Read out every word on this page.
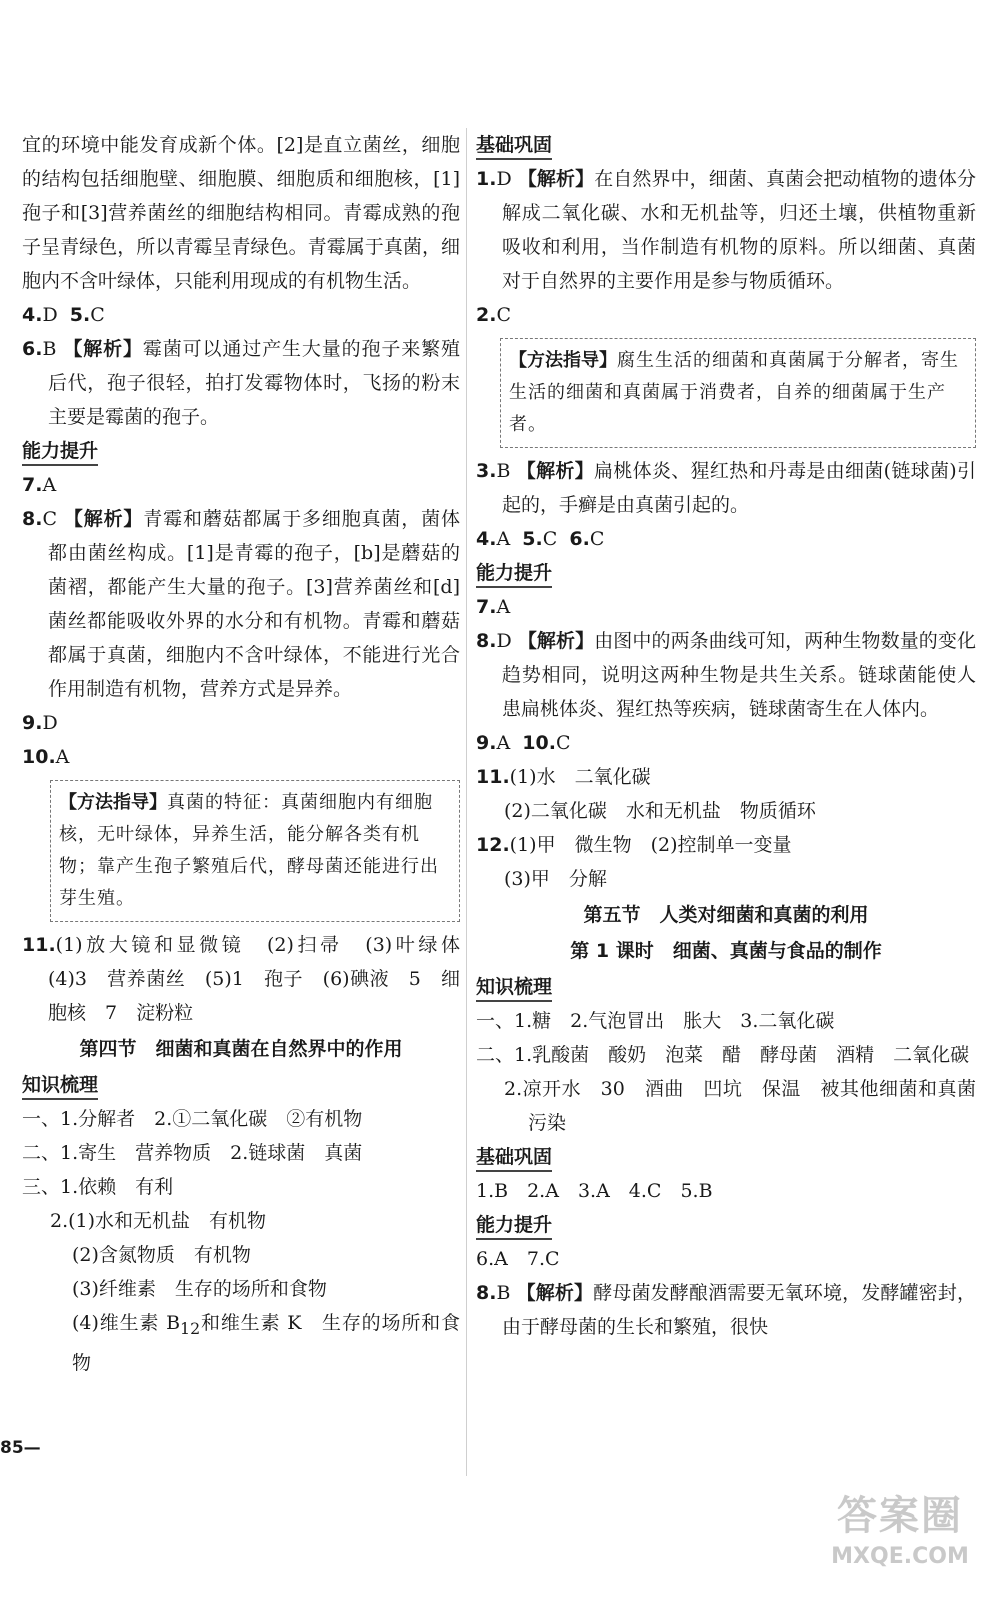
宜的环境中能发育成新个体。[2]是直立菌丝，细胞的结构包括细胞壁、细胞膜、细胞质和细胞核，[1]孢子和[3]营养菌丝的细胞结构相同。青霉成熟的孢子呈青绿色，所以青霉呈青绿色。青霉属于真菌，细胞内不含叶绿体，只能利用现成的有机物生活。

4.D 5.C

6.B 【解析】霉菌可以通过产生大量的孢子来繁殖后代，孢子很轻，拍打发霉物体时，飞扬的粉末主要是霉菌的孢子。

能力提升

7.A

8.C 【解析】青霉和蘑菇都属于多细胞真菌，菌体都由菌丝构成。[1]是青霉的孢子，[b]是蘑菇的菌褶，都能产生大量的孢子。[3]营养菌丝和[d]菌丝都能吸收外界的水分和有机物。青霉和蘑菇都属于真菌，细胞内不含叶绿体，不能进行光合作用制造有机物，营养方式是异养。

9.D

10.A

【方法指导】真菌的特征：真菌细胞内有细胞核，无叶绿体，异养生活，能分解各类有机物；靠产生孢子繁殖后代，酵母菌还能进行出芽生殖。

11.(1)放大镜和显微镜　(2)扫帚　(3)叶绿体　(4)3　营养菌丝　(5)1　孢子　(6)碘液　5　细胞核　7　淀粉粒

第四节　细菌和真菌在自然界中的作用
知识梳理

一、1.分解者　2.①二氧化碳　②有机物

二、1.寄生　营养物质　2.链球菌　真菌

三、1.依赖　有利

2.(1)水和无机盐　有机物

(2)含氮物质　有机物

(3)纤维素　生存的场所和食物

(4)维生素 $B_{12}$和维生素 K　生存的场所和食物

基础巩固

1.D 【解析】在自然界中，细菌、真菌会把动植物的遗体分解成二氧化碳、水和无机盐等，归还土壤，供植物重新吸收和利用，当作制造有机物的原料。所以细菌、真菌对于自然界的主要作用是参与物质循环。

2.C

【方法指导】腐生生活的细菌和真菌属于分解者，寄生生活的细菌和真菌属于消费者，自养的细菌属于生产者。

3.B 【解析】扁桃体炎、猩红热和丹毒是由细菌(链球菌)引起的，手癣是由真菌引起的。

4.A 5.C 6.C

能力提升

7.A

8.D 【解析】由图中的两条曲线可知，两种生物数量的变化趋势相同，说明这两种生物是共生关系。链球菌能使人患扁桃体炎、猩红热等疾病，链球菌寄生在人体内。

9.A 10.C

11.(1)水　二氧化碳

(2)二氧化碳　水和无机盐　物质循环

12.(1)甲　微生物　(2)控制单一变量

(3)甲　分解

第五节　人类对细菌和真菌的利用
第 1 课时　细菌、真菌与食品的制作
知识梳理

一、1.糖　2.气泡冒出　胀大　3.二氧化碳

二、1.乳酸菌　酸奶　泡菜　醋　酵母菌　酒精　二氧化碳

2.凉开水　30　酒曲　凹坑　保温　被其他细菌和真菌污染

基础巩固

1.B　2.A　3.A　4.C　5.B

能力提升

6.A　7.C

8.B 【解析】酵母菌发酵酿酒需要无氧环境，发酵罐密封，由于酵母菌的生长和繁殖，很快

85—
答案圈
MXQE.COM
